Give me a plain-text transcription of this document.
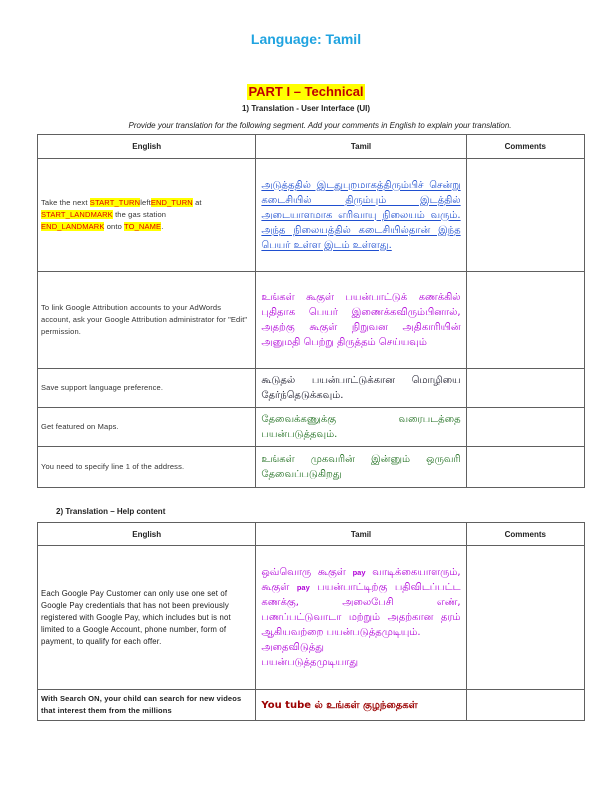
Language: Tamil
PART I – Technical
1) Translation - User Interface (UI)
Provide your translation for the following segment. Add your comments in English to explain your translation.
English	Tamil	Comments
Take the next START_TURNleftEND_TURN at
START_LANDMARK the gas station
END_LANDMARK onto TO_NAME.	அடுத்ததில் இடதுபுறமாகத்திரும்பிச் சென்று கடைசியில் திரும்பும் இடத்தில் அடையாளமாக எரிவாயு நிலையம் வரும். அந்த நிலையத்தில் கடைசியில்தான் இந்த பெயர் உள்ள இடம் உள்ளது.	
To link Google Attribution accounts to your AdWords account, ask your Google Attribution administrator for "Edit" permission.	உங்கள் கூகுள் பயன்பாட்டுக் கணக்கில் புதிதாக பெயர் இணைக்கவிரும்பினால், அதற்கு கூகுள் நிறுவன அதிகாரியின் அனுமதி பெற்று திருத்தம் செய்யவும்	
Save support language preference.	கூடுதல் பயன்பாட்டுக்கான மொழியை தேர்ந்தெடுக்கவும்.	
Get featured on Maps.	தேவைக்கணுக்கு வரைபடத்தை பயன்படுத்தவும்.	
You need to specify line 1 of the address.	உங்கள் முகவரின் இன்னும் ஒருவரி தேவைப்படுகிறது	
2) Translation – Help content
English	Tamil	Comments
Each Google Pay Customer can only use one set of Google Pay credentials that has not been previously registered with Google Pay, which includes but is not limited to a Google Account, phone number, form of payment, to qualify for each offer.	ஒவ்வொரு கூகுள் pay வாடிக்கையாளரும், கூகுள் pay பயன்பாட்டிற்கு பதிவிடப்பட்ட கணக்கு, அலைபேசி எண், பணப்பட்டுவாடா மற்றும் அதற்கான தரம் ஆகியவற்றை பயன்படுத்தமுடியும்.
அதைவிடுத்து
பயன்படுத்தமுடியாது	
With Search ON, your child can search for new videos that interest them from the millions	You tube ல் உங்கள் குழந்தைகள்	
